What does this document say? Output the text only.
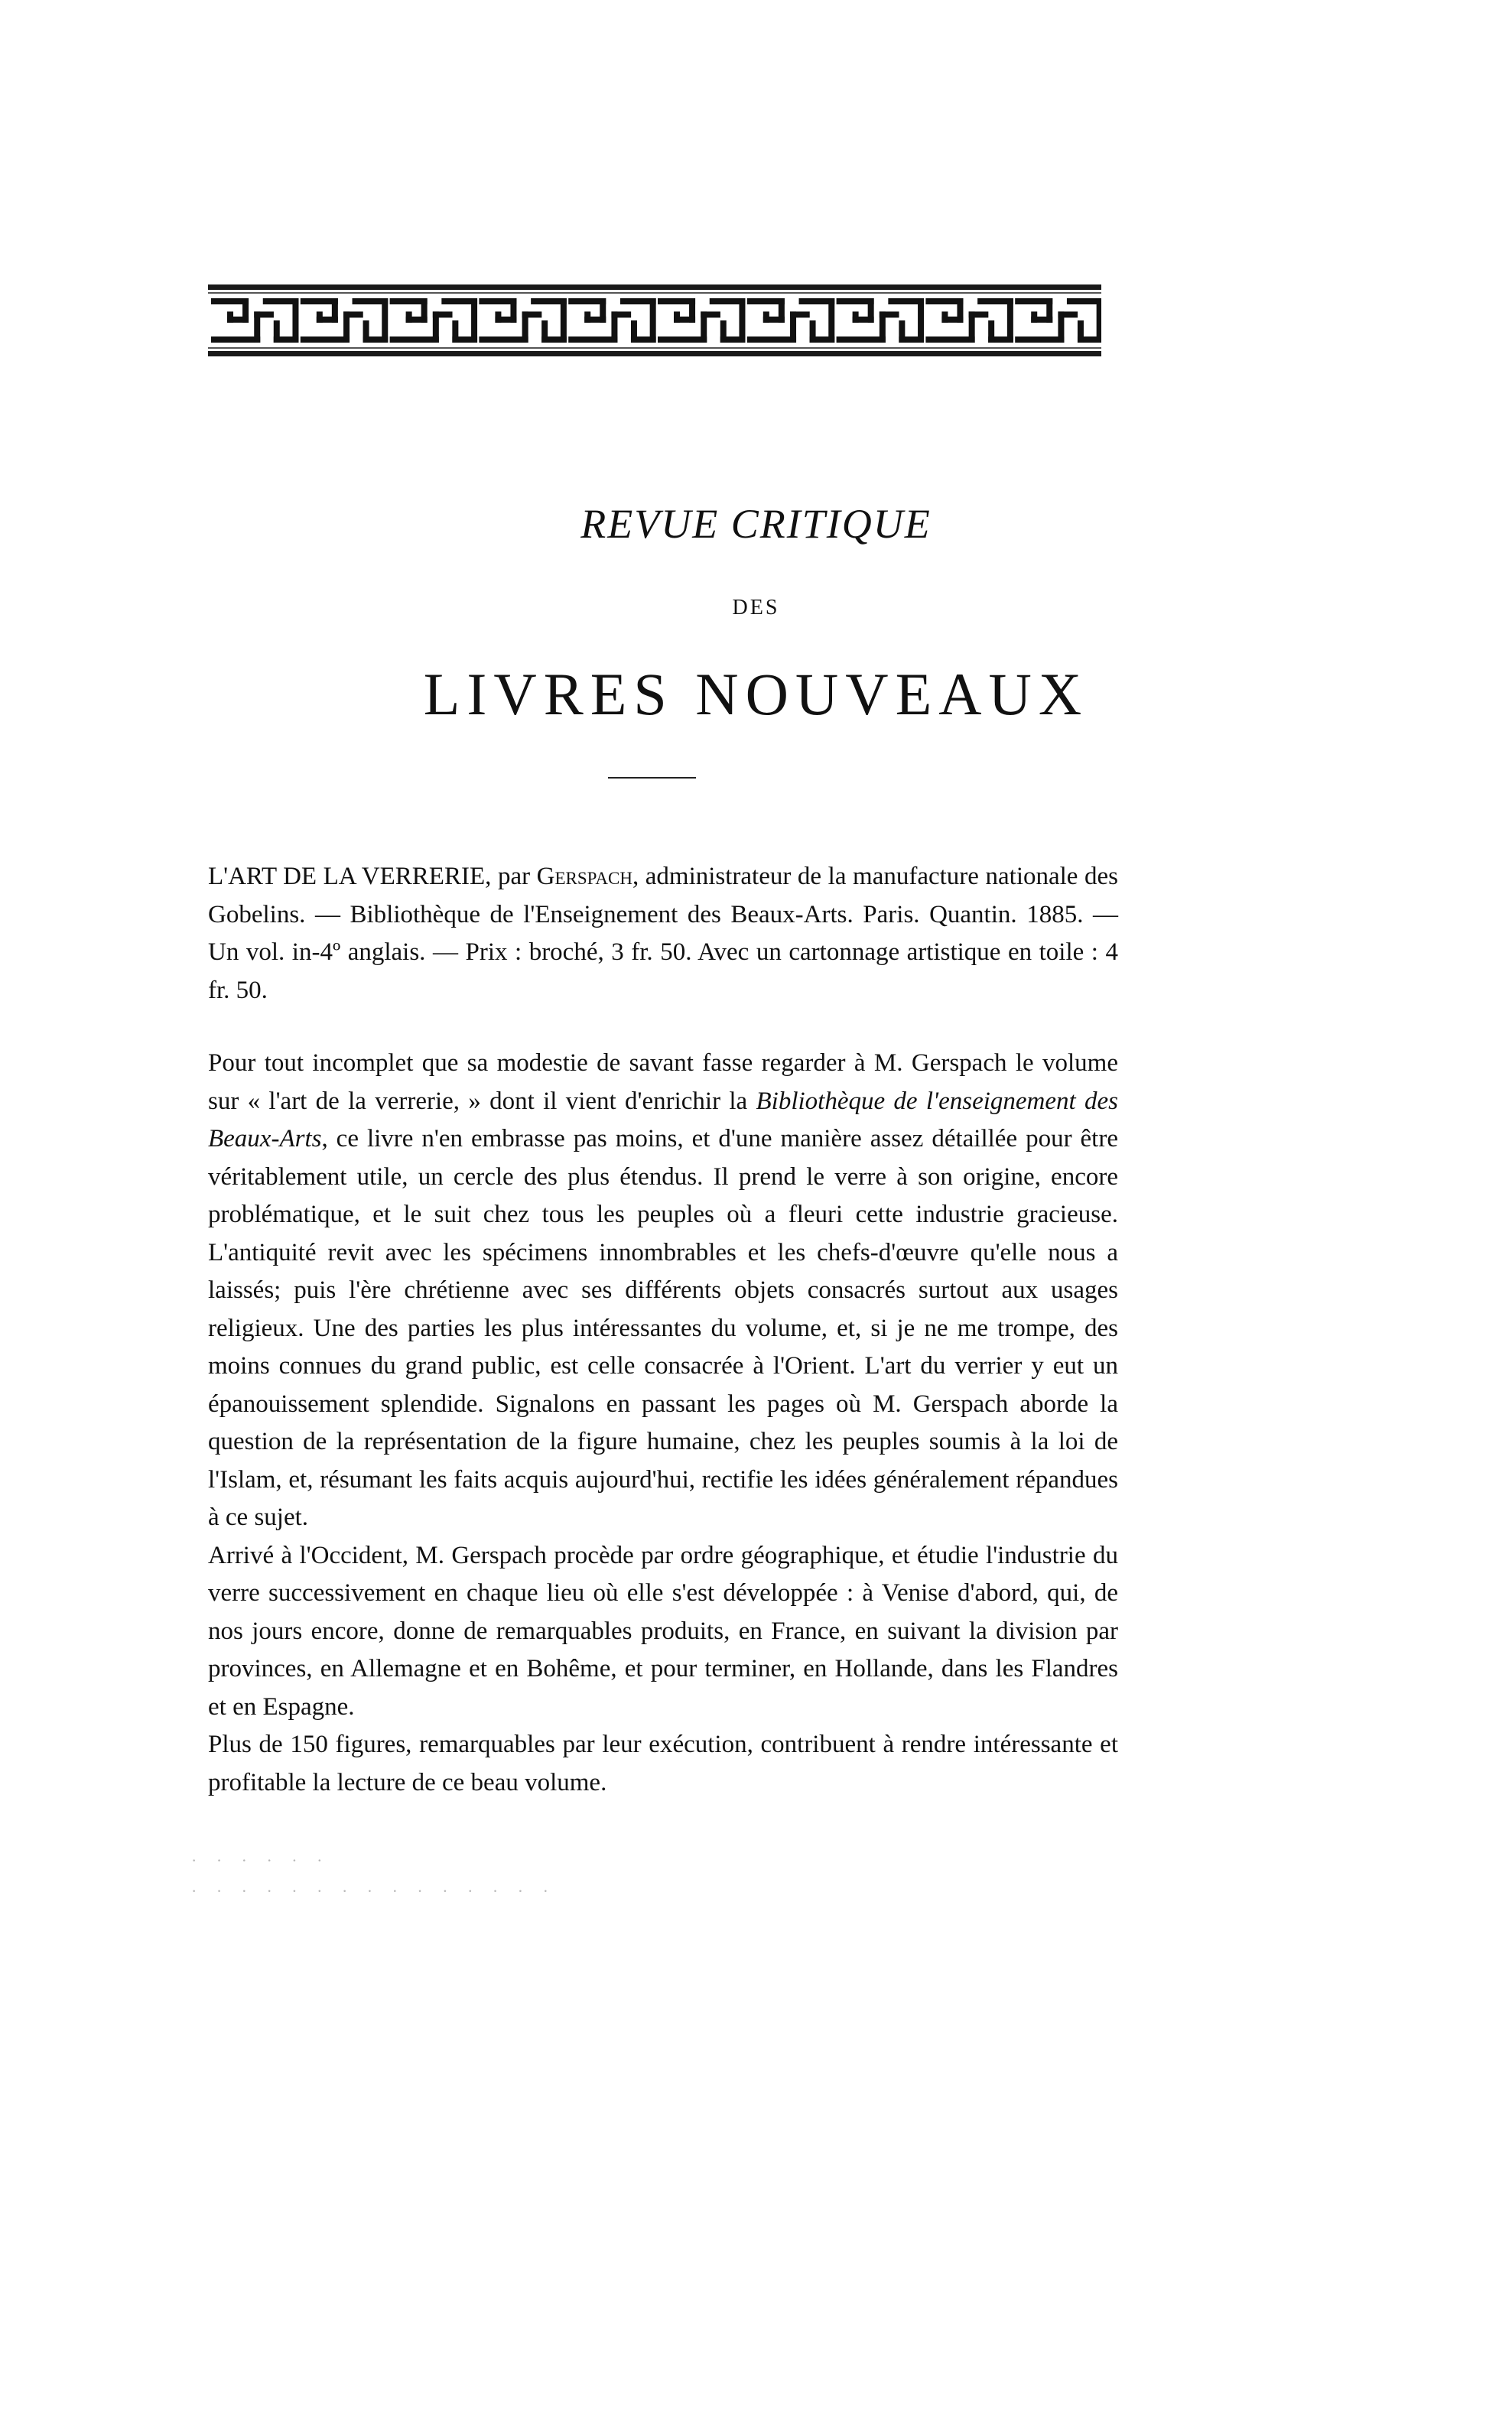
REVUE CRITIQUE
DES
LIVRES NOUVEAUX
L'ART DE LA VERRERIE, par Gerspach, administrateur de la manufacture nationale des Gobelins. — Bibliothèque de l'Enseignement des Beaux-Arts. Paris. Quantin. 1885. — Un vol. in-4º anglais. — Prix : broché, 3 fr. 50. Avec un cartonnage artistique en toile : 4 fr. 50.

Pour tout incomplet que sa modestie de savant fasse regarder à M. Gerspach le volume sur « l'art de la verrerie, » dont il vient d'enrichir la Bibliothèque de l'enseignement des Beaux-Arts, ce livre n'en embrasse pas moins, et d'une manière assez détaillée pour être véritablement utile, un cercle des plus étendus. Il prend le verre à son origine, encore problématique, et le suit chez tous les peuples où a fleuri cette industrie gracieuse. L'antiquité revit avec les spécimens innombrables et les chefs-d'œuvre qu'elle nous a laissés; puis l'ère chrétienne avec ses différents objets consacrés surtout aux usages religieux. Une des parties les plus intéressantes du volume, et, si je ne me trompe, des moins connues du grand public, est celle consacrée à l'Orient. L'art du verrier y eut un épanouissement splendide. Signalons en passant les pages où M. Gerspach aborde la question de la représentation de la figure humaine, chez les peuples soumis à la loi de l'Islam, et, résumant les faits acquis aujourd'hui, rectifie les idées généralement répandues à ce sujet.

Arrivé à l'Occident, M. Gerspach procède par ordre géographique, et étudie l'industrie du verre successivement en chaque lieu où elle s'est développée : à Venise d'abord, qui, de nos jours encore, donne de remarquables produits, en France, en suivant la division par provinces, en Allemagne et en Bohême, et pour terminer, en Hollande, dans les Flandres et en Espagne.

Plus de 150 figures, remarquables par leur exécution, contribuent à rendre intéressante et profitable la lecture de ce beau volume.

· · · · · ·
· · · · · · · · · · · · · · ·
